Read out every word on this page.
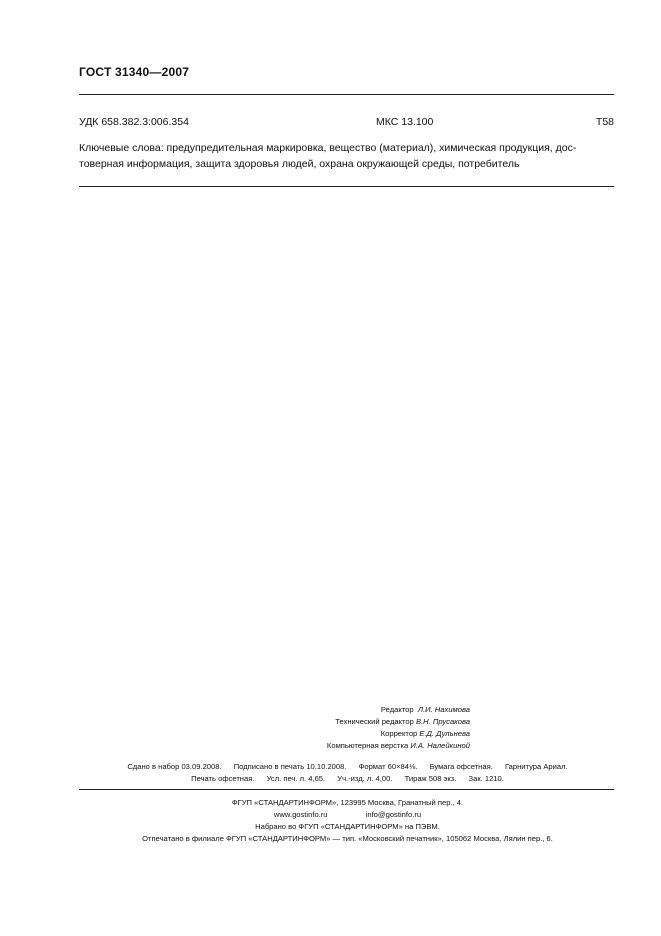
ГОСТ 31340—2007
УДК 658.382.3:006.354	МКС 13.100	Т58
Ключевые слова: предупредительная маркировка, вещество (материал), химическая продукция, дос-
товерная информация, защита здоровья людей, охрана окружающей среды, потребитель
Редактор Л.И. Нахимова
Технический редактор В.Н. Прусакова
Корректор Е.Д. Дульнева
Компьютерная верстка И.А. Налейкиной
Сдано в набор 03.09.2008. Подписано в печать 10.10.2008. Формат 60×84⅛. Бумага офсетная. Гарнитура Ариал.
Печать офсетная. Усл. печ. л. 4,65. Уч.-изд. л. 4,00. Тираж 508 экз. Зак. 1210.
ФГУП «СТАНДАРТИНФОРМ», 123995 Москва, Гранатный пер., 4.
www.gostinfo.ru	info@gostinfo.ru
Набрано во ФГУП «СТАНДАРТИНФОРМ» на ПЭВМ.
Отпечатано в филиале ФГУП «СТАНДАРТИНФОРМ» — тип. «Московский печатник», 105062 Москва, Лялин пер., 6.
